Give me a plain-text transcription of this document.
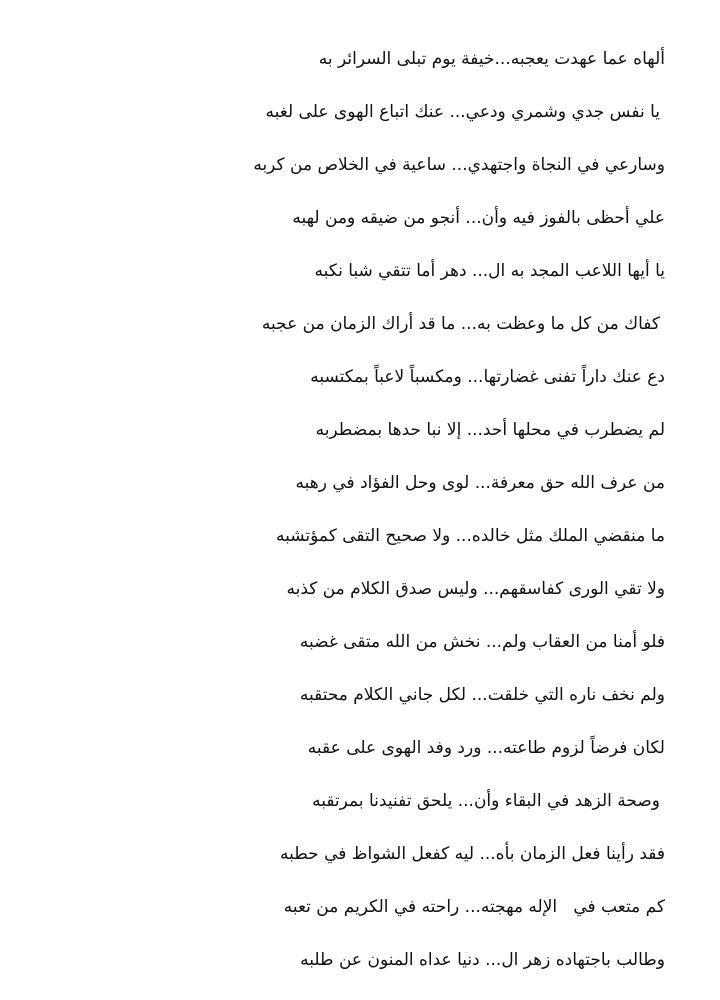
ألهاه عما عهدت يعجبه...خيفة يوم تبلى السرائر به
يا نفس جدي وشمري ودعي... عنك اتباع الهوى على لغبه
وسارعي في النجاة واجتهدي... ساعية في الخلاص من كربه
علي أحظى بالفوز فيه وأن... أنجو من ضيقه ومن لهبه
يا أيها اللاعب المجد به ال... دهر أما تتقي شبا نكبه
كفاك من كل ما وعظت به... ما قد أراك الزمان من عجبه
دع عنك داراً تفنى غضارتها... ومكسباً لاعباً بمكتسبه
لم يضطرب في محلها أحد... إلا نبا حدها بمضطربه
من عرف الله حق معرفة... لوى وحل الفؤاد في رهبه
ما منقضي الملك مثل خالده... ولا صحيح التقى كمؤتشبه
ولا تقي الورى كفاسقهم... وليس صدق الكلام من كذبه
فلو أمنا من العقاب ولم... نخش من الله متقى غضبه
ولم نخف ناره التي خلقت... لكل جاني الكلام محتقبه
لكان فرضاً لزوم طاعته... ورد وفد الهوى على عقبه
وصحة الزهد في البقاء وأن... يلحق تفنيدنا بمرتقبه
فقد رأينا فعل الزمان بأه... ليه كفعل الشواظ في حطبه
كم متعب في   الإله مهجته... راحته في الكريم من تعبه
وطالب باجتهاده زهر ال... دنيا عداه المنون عن طلبه
